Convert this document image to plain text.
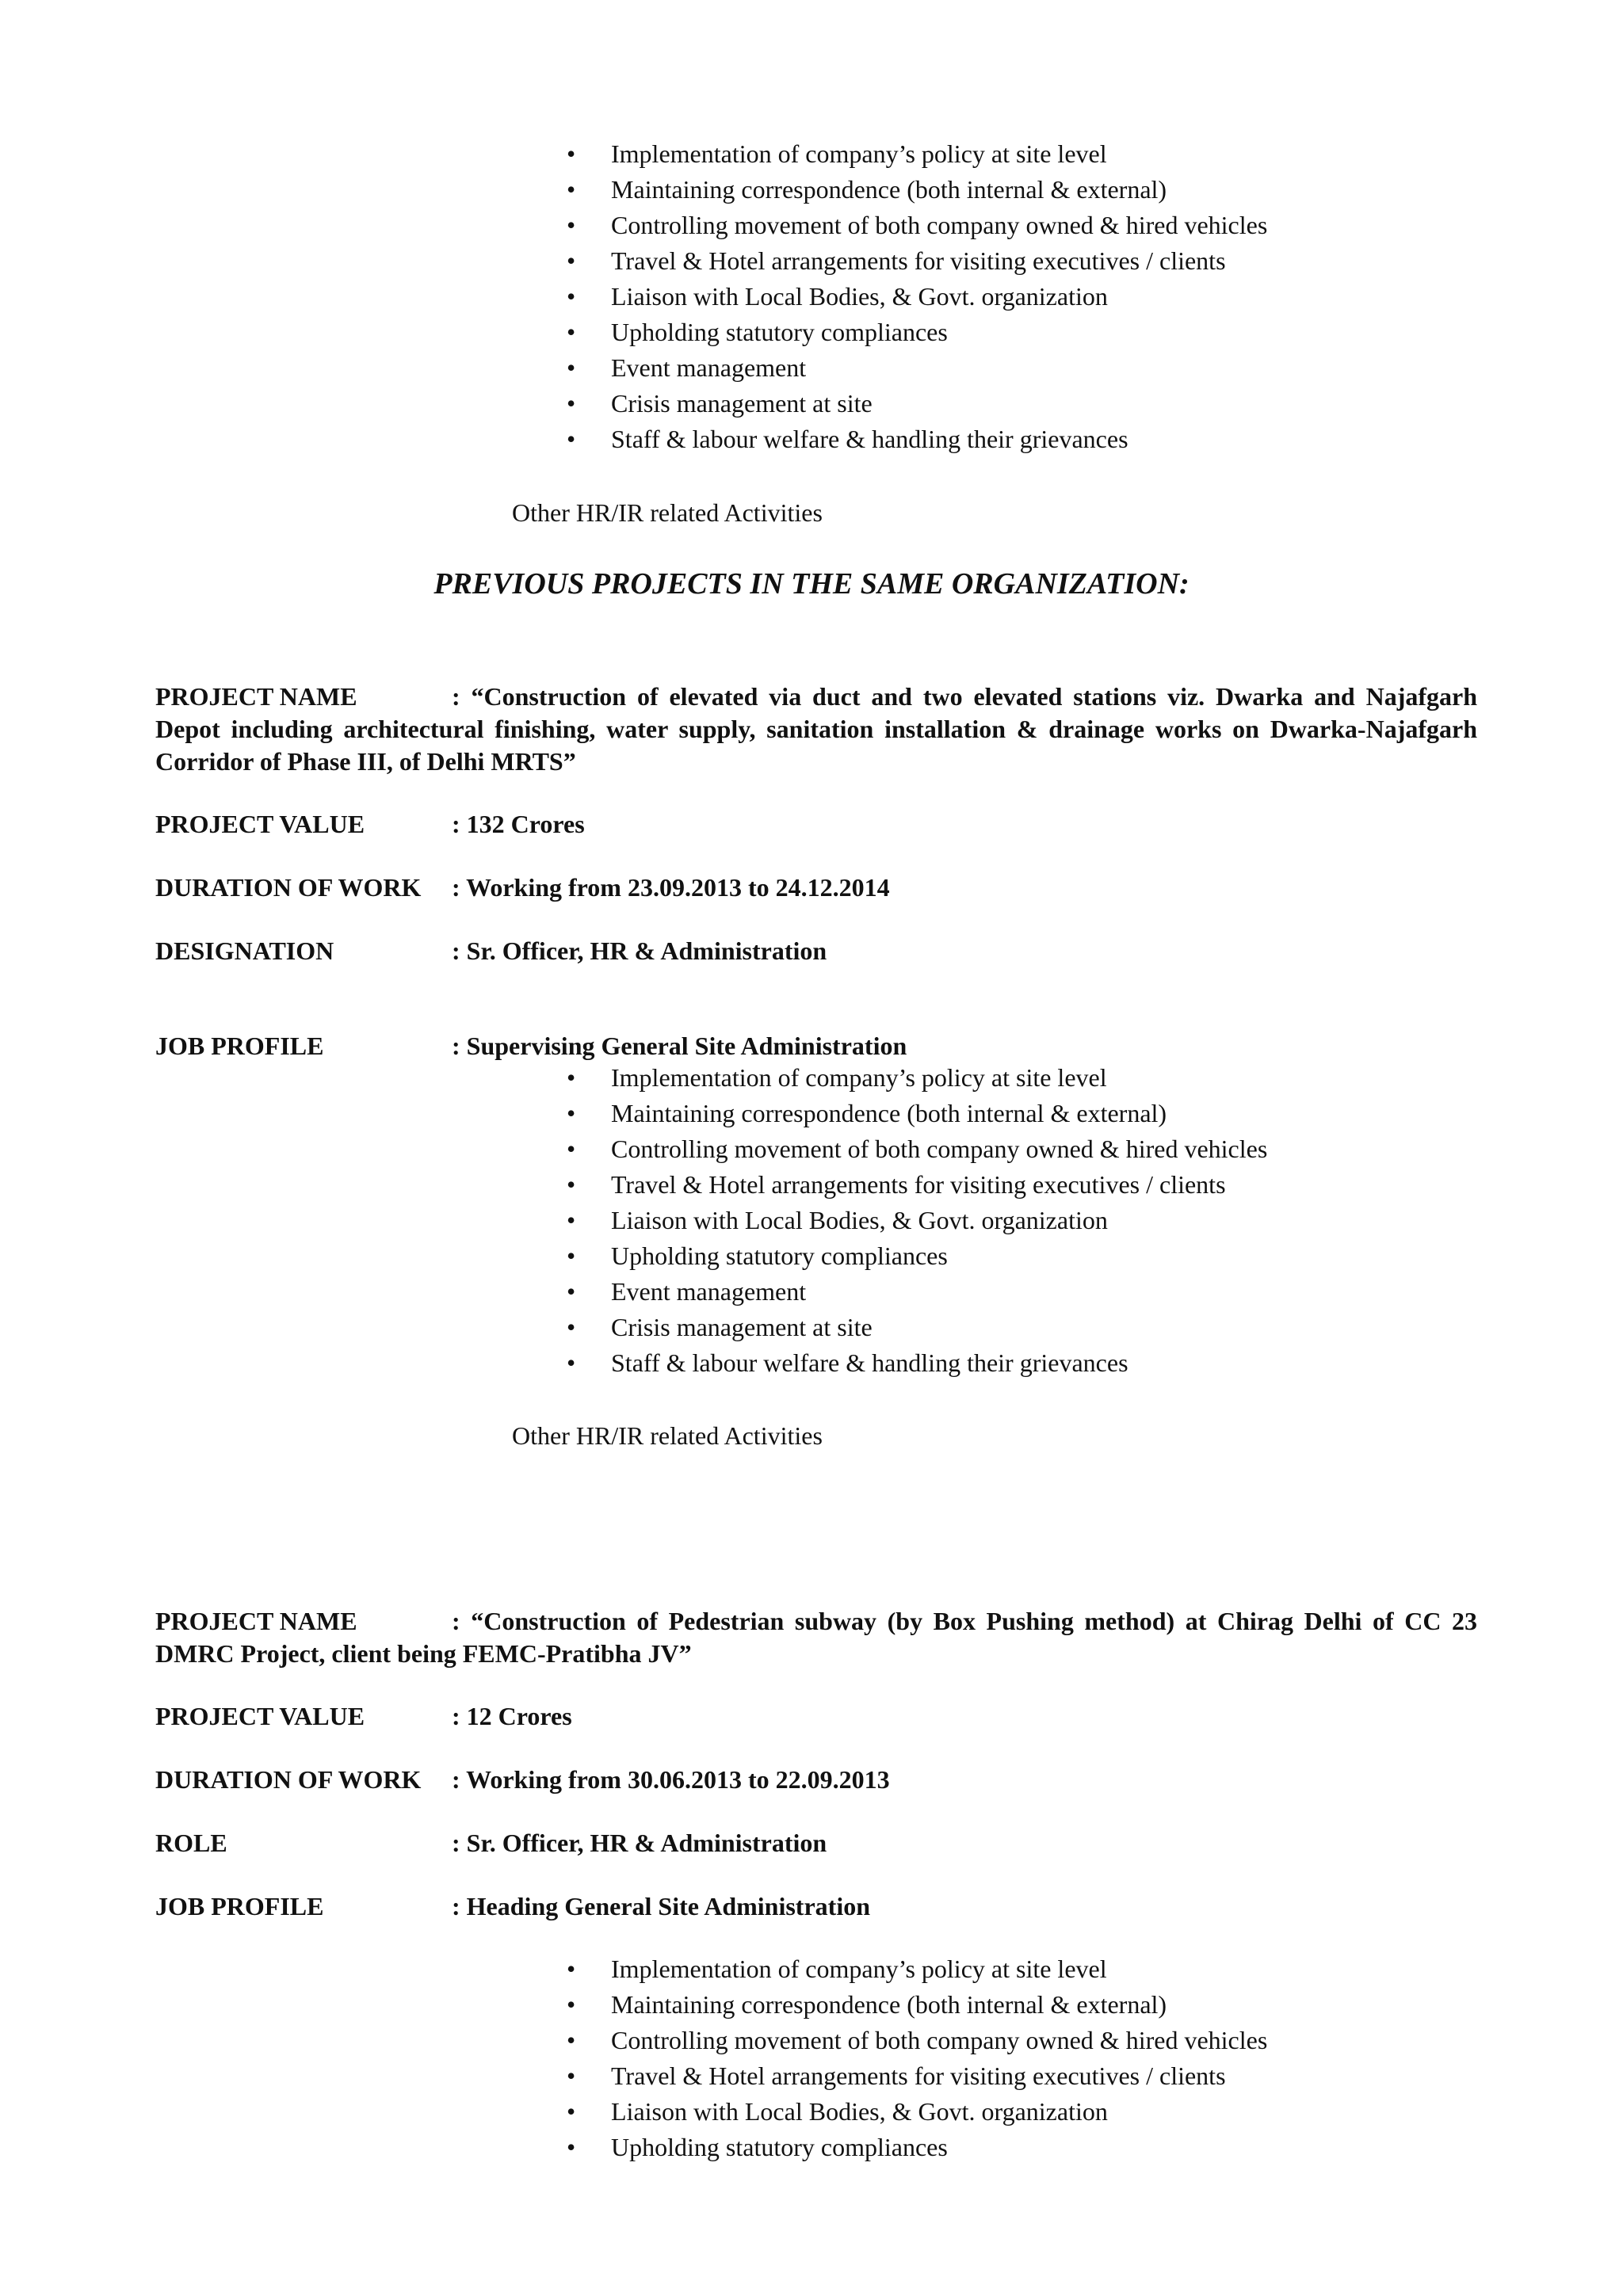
• Implementation of company’s policy at site level
• Maintaining correspondence (both internal & external)
• Controlling movement of both company owned & hired vehicles
• Travel & Hotel arrangements for visiting executives / clients
• Liaison with Local Bodies, & Govt. organization
• Upholding statutory compliances
• Event management
• Crisis management at site
• Staff & labour welfare & handling their grievances
Other HR/IR related Activities
PREVIOUS PROJECTS IN THE SAME ORGANIZATION:
PROJECT NAME	: “Construction of elevated via duct and two elevated stations viz. Dwarka and Najafgarh Depot including architectural finishing, water supply, sanitation installation & drainage works on Dwarka-Najafgarh Corridor of Phase III, of Delhi MRTS”
PROJECT VALUE	: 132 Crores
DURATION OF WORK : Working from 23.09.2013 to 24.12.2014
DESIGNATION	: Sr. Officer, HR & Administration
JOB PROFILE	: Supervising General Site Administration
• Implementation of company’s policy at site level
• Maintaining correspondence (both internal & external)
• Controlling movement of both company owned & hired vehicles
• Travel & Hotel arrangements for visiting executives / clients
• Liaison with Local Bodies, & Govt. organization
• Upholding statutory compliances
• Event management
• Crisis management at site
• Staff & labour welfare & handling their grievances
Other HR/IR related Activities
PROJECT NAME	: “Construction of Pedestrian subway (by Box Pushing method) at Chirag Delhi of CC 23 DMRC Project, client being FEMC-Pratibha JV”
PROJECT VALUE	: 12 Crores
DURATION OF WORK : Working from 30.06.2013 to 22.09.2013
ROLE	: Sr. Officer, HR & Administration
JOB PROFILE	: Heading General Site Administration
• Implementation of company’s policy at site level
• Maintaining correspondence (both internal & external)
• Controlling movement of both company owned & hired vehicles
• Travel & Hotel arrangements for visiting executives / clients
• Liaison with Local Bodies, & Govt. organization
• Upholding statutory compliances
